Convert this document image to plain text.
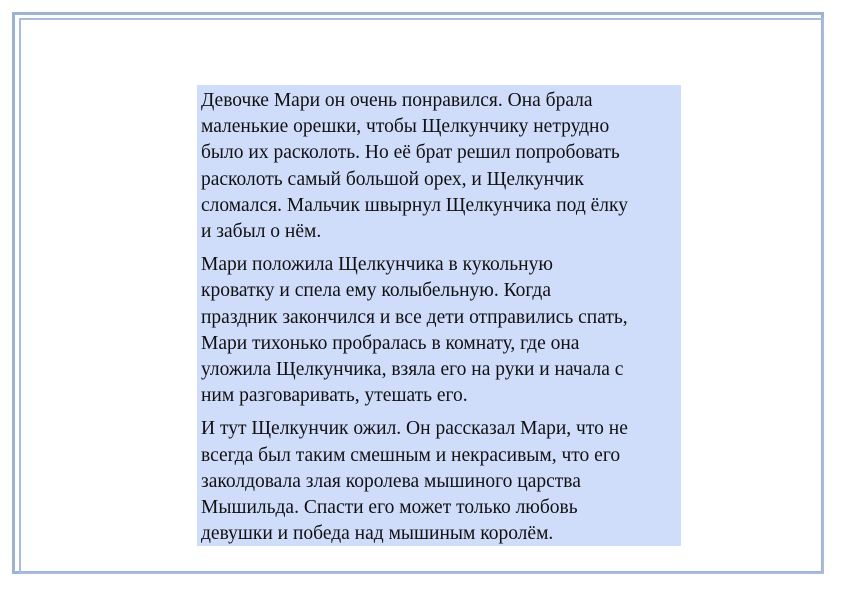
Девочке Мари он очень понравился. Она брала
маленькие орешки, чтобы Щелкунчику нетрудно
было их расколоть. Но её брат решил попробовать
расколоть самый большой орех, и Щелкунчик
сломался. Мальчик швырнул Щелкунчика под ёлку
и забыл о нём.

Мари положила Щелкунчика в кукольную
кроватку и спела ему колыбельную. Когда
праздник закончился и все дети отправились спать,
Мари тихонько пробралась в комнату, где она
уложила Щелкунчика, взяла его на руки и начала с
ним разговаривать, утешать его.

И тут Щелкунчик ожил. Он рассказал Мари, что не
всегда был таким смешным и некрасивым, что его
заколдовала злая королева мышиного царства
Мышильда. Спасти его может только любовь
девушки и победа над мышиным королём.
